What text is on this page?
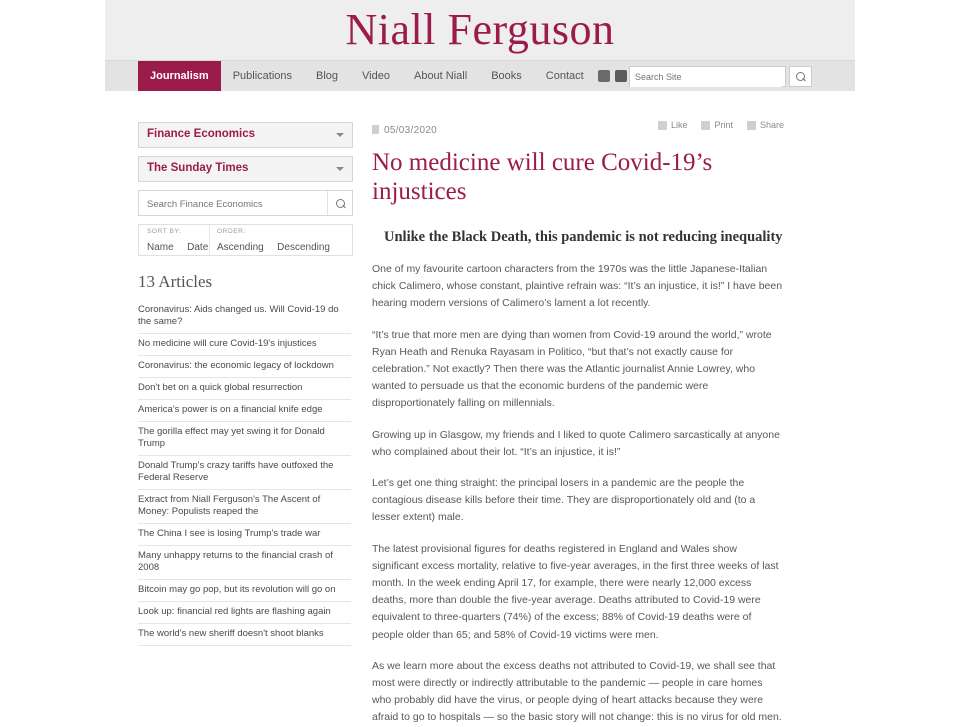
Niall Ferguson
Journalism	Publications	Blog	Video	About Niall	Books	Contact
Search Site
Finance Economics
The Sunday Times
Search Finance Economics
SORT BY:
Name Date
ORDER:
Ascending Descending
13 Articles
Coronavirus: Aids changed us. Will Covid-19 do the same?
No medicine will cure Covid-19's injustices
Coronavirus: the economic legacy of lockdown
Don't bet on a quick global resurrection
America's power is on a financial knife edge
The gorilla effect may yet swing it for Donald Trump
Donald Trump's crazy tariffs have outfoxed the Federal Reserve
Extract from Niall Ferguson's The Ascent of Money: Populists reaped the
The China I see is losing Trump's trade war
Many unhappy returns to the financial crash of 2008
Bitcoin may go pop, but its revolution will go on
Look up: financial red lights are flashing again
The world's new sheriff doesn't shoot blanks
05/03/2020	Like	Print	Share
No medicine will cure Covid-19’s injustices
Unlike the Black Death, this pandemic is not reducing inequality

One of my favourite cartoon characters from the 1970s was the little Japanese-Italian chick Calimero, whose constant, plaintive refrain was: “It’s an injustice, it is!” I have been hearing modern versions of Calimero’s lament a lot recently.

“It’s true that more men are dying than women from Covid-19 around the world,” wrote Ryan Heath and Renuka Rayasam in Politico, “but that’s not exactly cause for celebration.” Not exactly? Then there was the Atlantic journalist Annie Lowrey, who wanted to persuade us that the economic burdens of the pandemic were disproportionately falling on millennials.

Growing up in Glasgow, my friends and I liked to quote Calimero sarcastically at anyone who complained about their lot. “It’s an injustice, it is!”

Let’s get one thing straight: the principal losers in a pandemic are the people the contagious disease kills before their time. They are disproportionately old and (to a lesser extent) male.

The latest provisional figures for deaths registered in England and Wales show significant excess mortality, relative to five-year averages, in the first three weeks of last month. In the week ending April 17, for example, there were nearly 12,000 excess deaths, more than double the five-year average. Deaths attributed to Covid-19 were equivalent to three-quarters (74%) of the excess; 88% of Covid-19 deaths were of people older than 65; and 58% of Covid-19 victims were men.

As we learn more about the excess deaths not attributed to Covid-19, we shall see that most were directly or indirectly attributable to the pandemic — people in care homes who probably did have the virus, or people dying of heart attacks because they were afraid to go to hospitals — so the basic story will not change: this is no virus for old men.
